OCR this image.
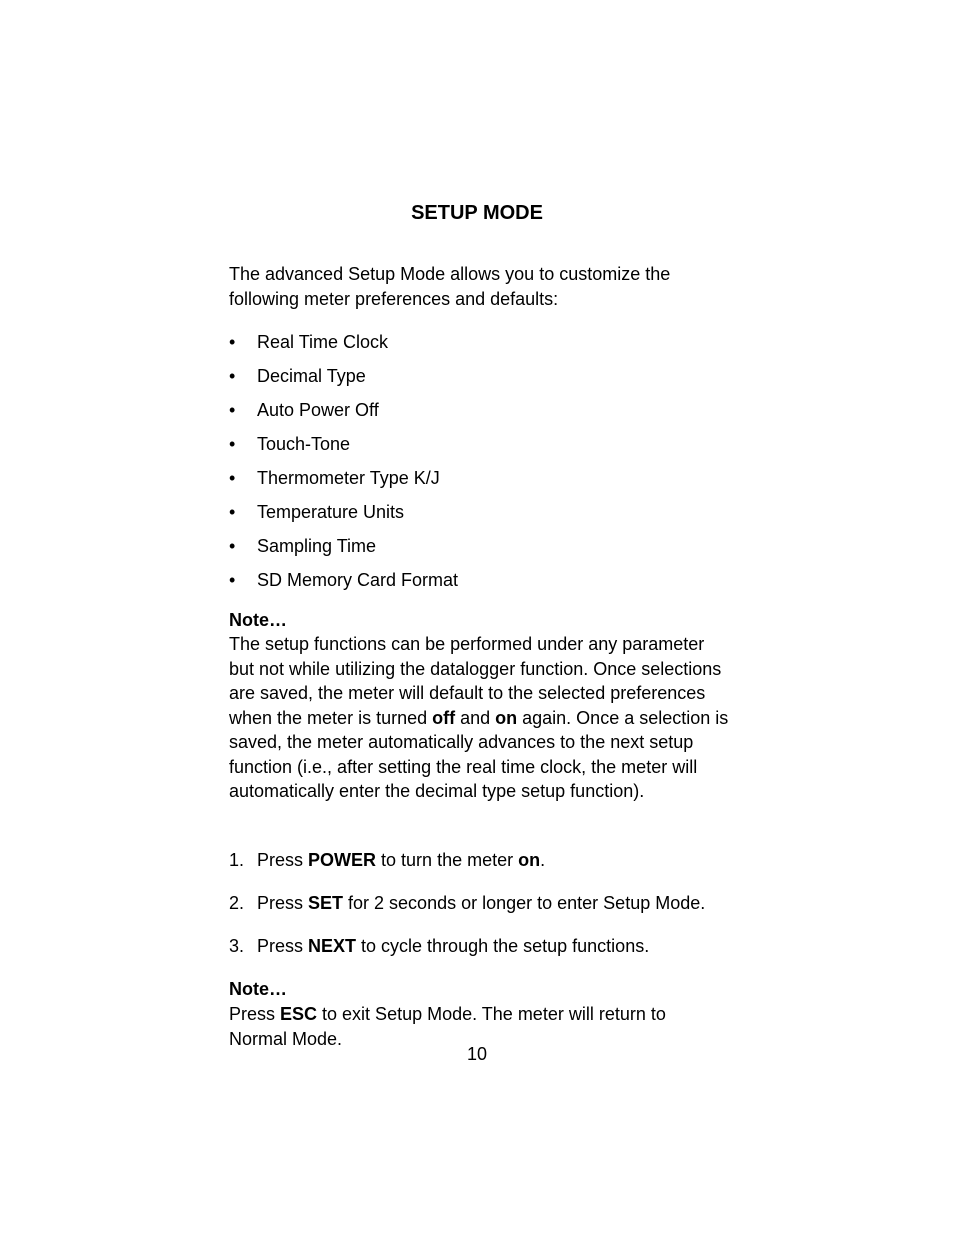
SETUP MODE
The advanced Setup Mode allows you to customize the following meter preferences and defaults:
• Real Time Clock
• Decimal Type
• Auto Power Off
• Touch-Tone
• Thermometer Type K/J
• Temperature Units
• Sampling Time
• SD Memory Card Format
Note…
The setup functions can be performed under any parameter but not while utilizing the datalogger function. Once selections are saved, the meter will default to the selected preferences when the meter is turned off and on again. Once a selection is saved, the meter automatically advances to the next setup function (i.e., after setting the real time clock, the meter will automatically enter the decimal type setup function).
1. Press POWER to turn the meter on.
2. Press SET for 2 seconds or longer to enter Setup Mode.
3. Press NEXT to cycle through the setup functions.
Note…
Press ESC to exit Setup Mode. The meter will return to Normal Mode.
10
